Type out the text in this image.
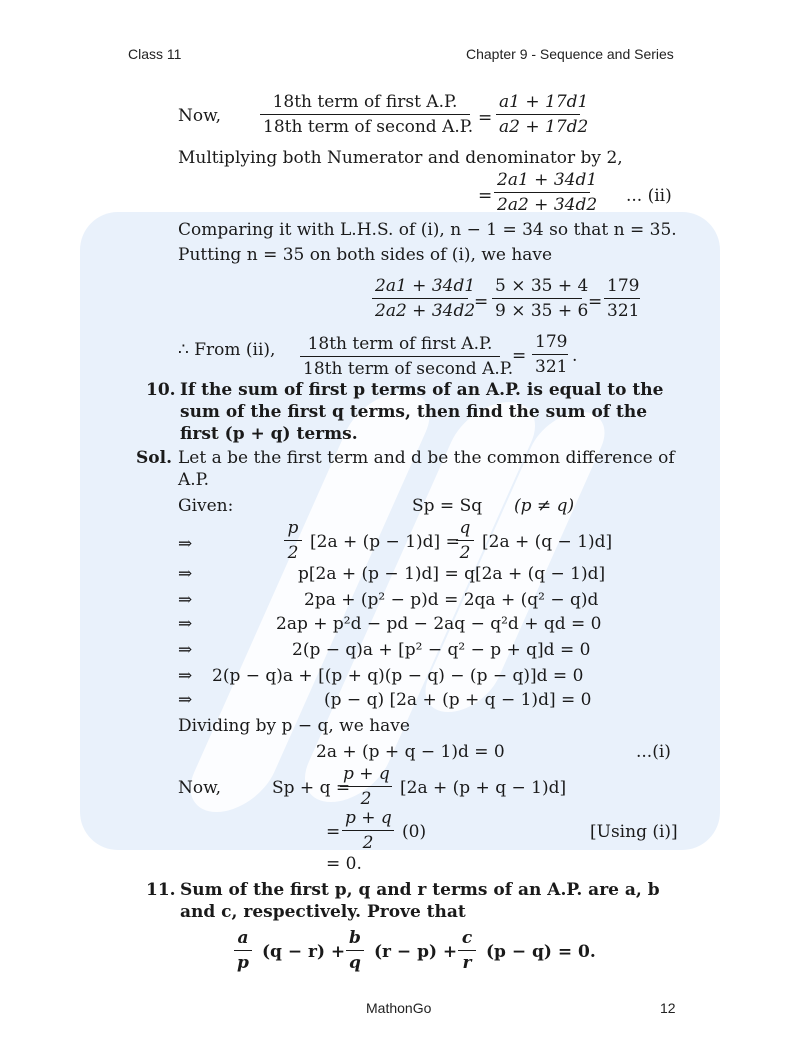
Class 11	Chapter 9 - Sequence and Series
Now,
18th term of first A.P.
18th term of second A.P. = $\frac{a1 + 17d1}{a2 + 17d2}$
Multiplying both Numerator and denominator by 2,
= $\frac{2a1 + 34d1}{2a2 + 34d2}$ ... (ii)
Comparing it with L.H.S. of (i), n − 1 = 34 so that n = 35.
Putting n = 35 on both sides of (i), we have
$\frac{2a1 + 34d1}{2a2 + 34d2} = \frac{5 \times 35 + 4}{9 \times 35 + 6} = \frac{179}{321}$
∴ From (ii),	18th term of first A.P.
18th term of second A.P.
= $\frac{179}{321}$ .
10. If the sum of first p terms of an A.P. is equal to the
sum of the first q terms, then find the sum of the
first (p + q) terms.
Sol. Let a be the first term and d be the common difference of
A.P.
Given:	Sp = Sq (p ≠ q)
⇒	$\frac{p}{2} [2a + (p - 1)d]$ =
$\frac{q}{2} [2a + (q - 1)d]$
⇒	p[2a + (p − 1)d] = q[2a + (q − 1)d]
⇒	2pa + (p² − p)d = 2qa + (q² − q)d
⇒	2ap + p²d − pd − 2aq − q²d + qd = 0
⇒	2(p − q)a + [p² − q² − p + q]d = 0
⇒ 2(p − q)a + [(p + q)(p − q) − (p − q)]d = 0
⇒	(p − q) [2a + (p + q − 1)d] = 0
Dividing by p − q, we have
2a + (p + q − 1)d = 0	...(i)
Now,	Sp + q =
$\frac{p + q}{2} [2a + (p + q - 1)d]$
= $\frac{p + q}{2} (0)$	[Using (i)]
= 0.
11. Sum of the first p, q and r terms of an A.P. are a, b
and c, respectively. Prove that
$\frac{a}{p} (q - r) + \frac{b}{q} (r - p) + \frac{c}{r} (p - q) = 0$.
MathonGo	12
